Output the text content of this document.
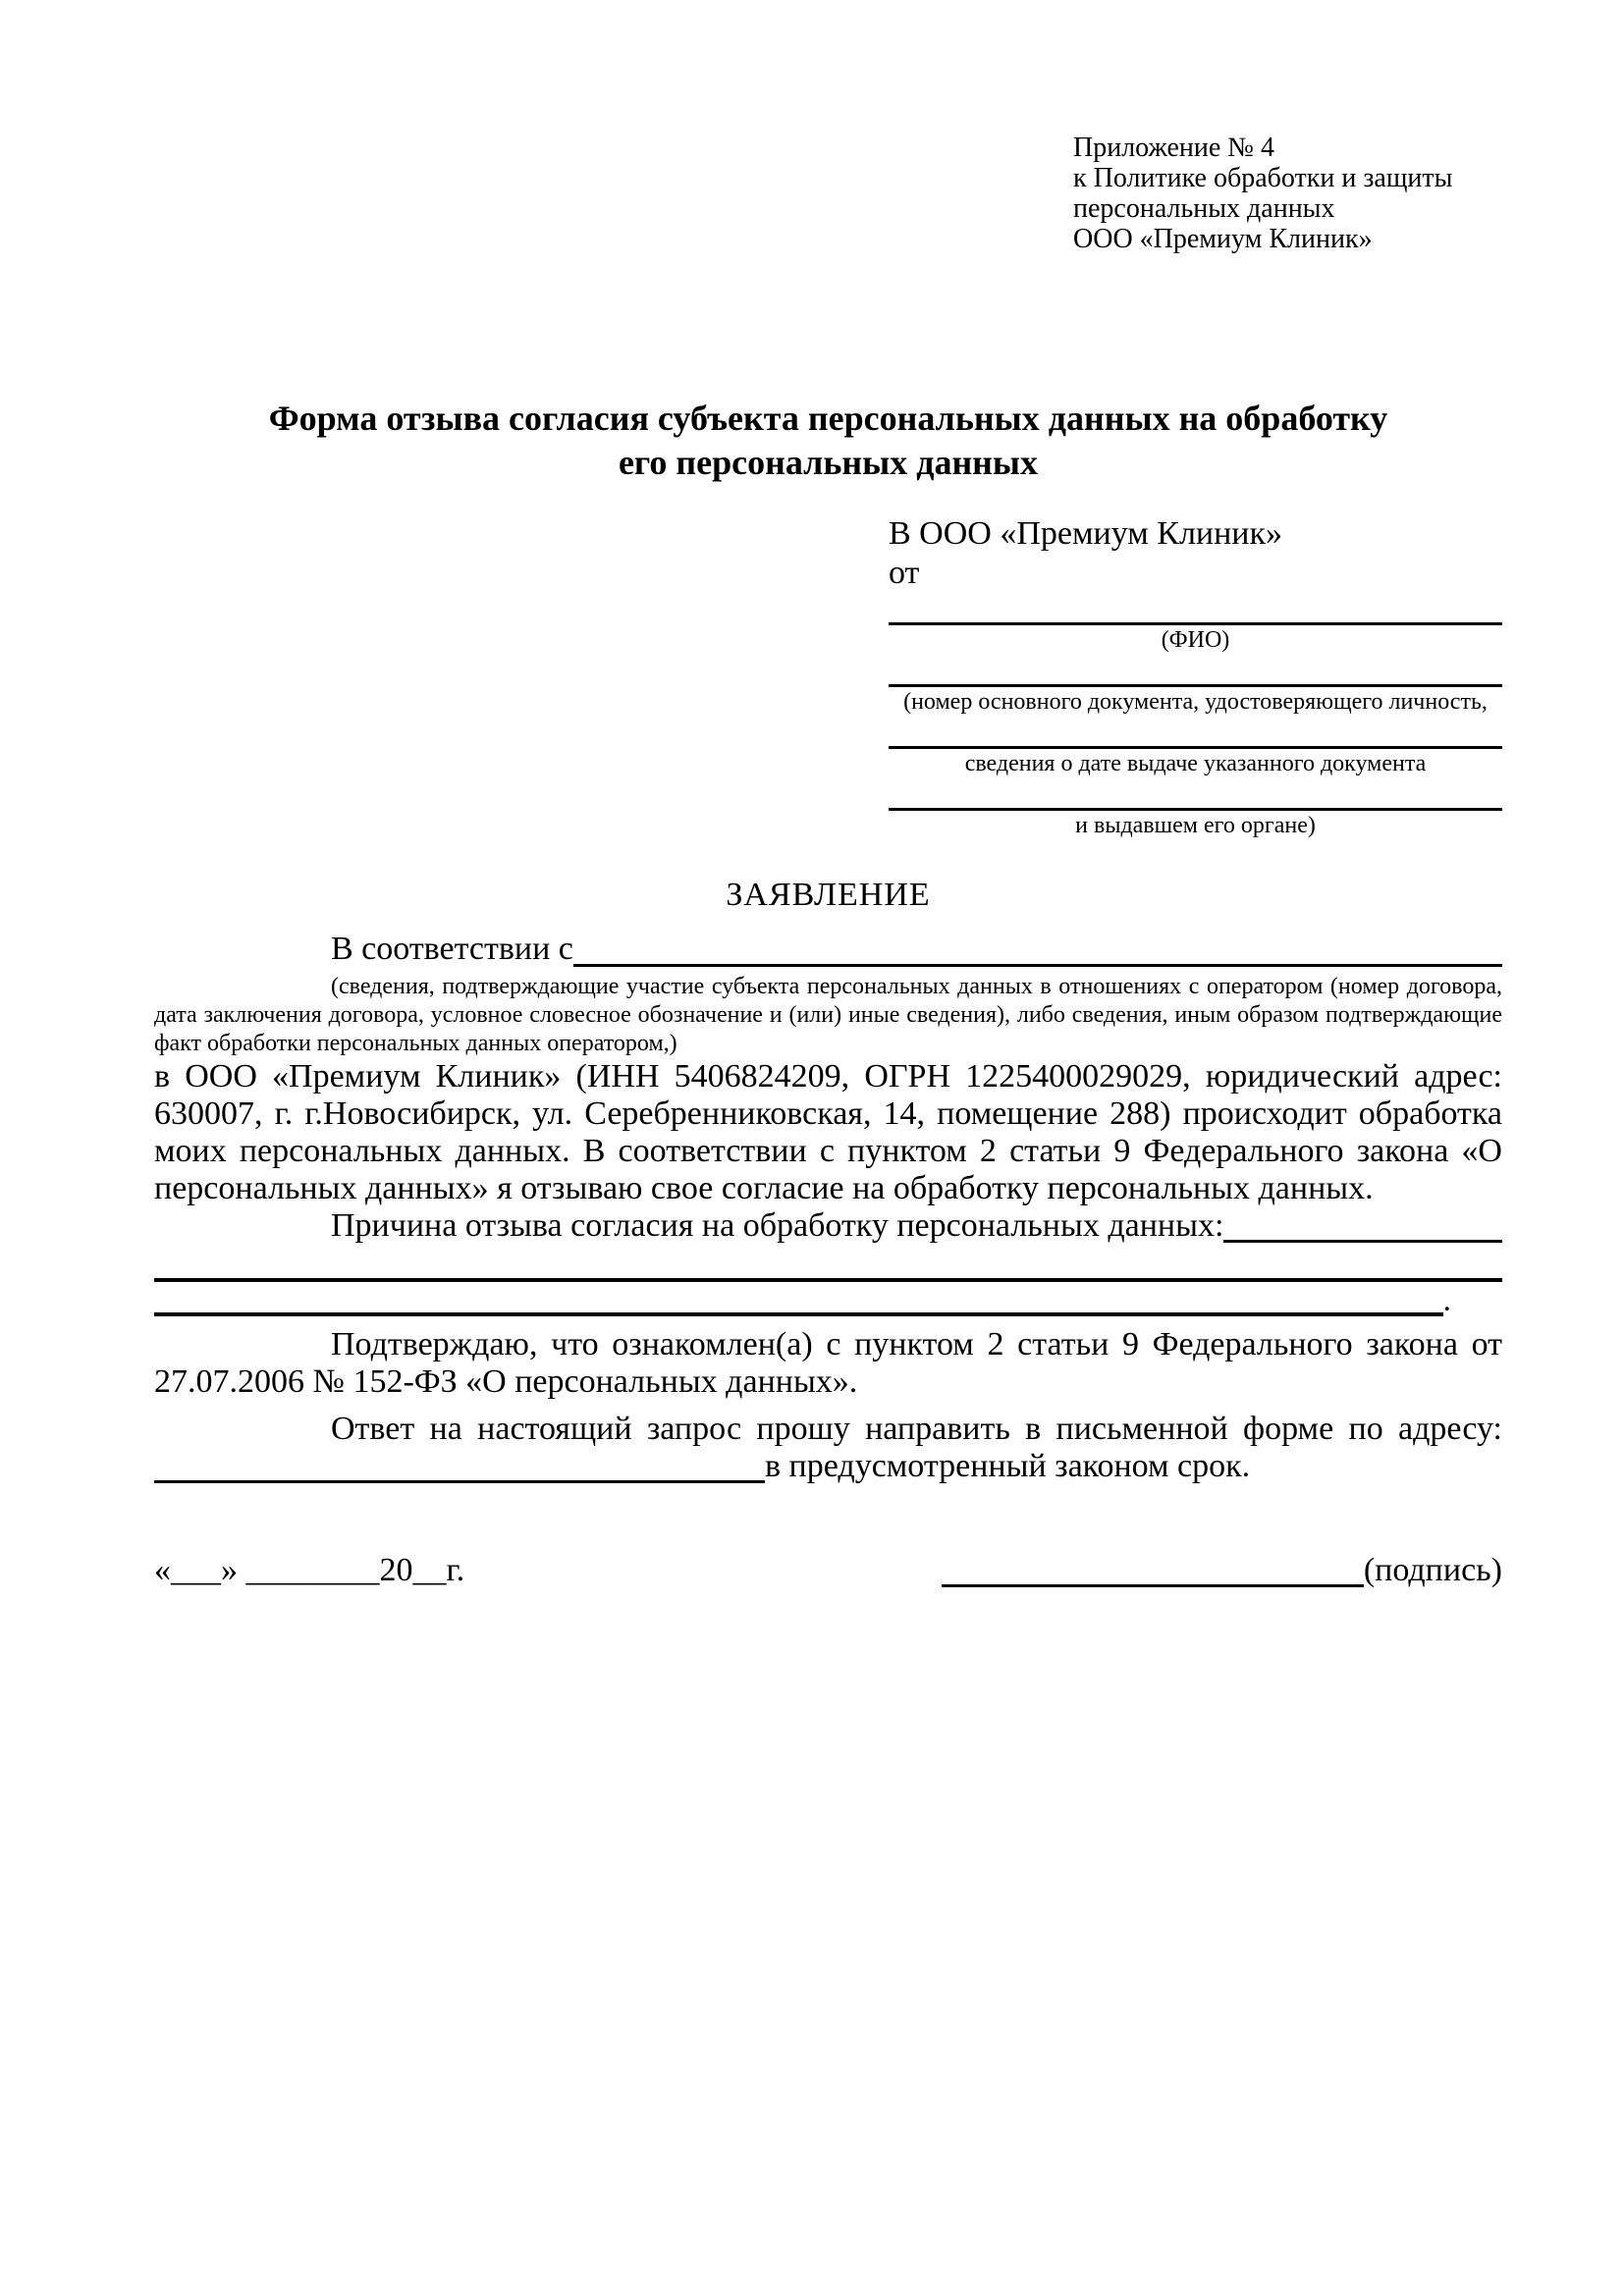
Приложение № 4
к Политике обработки и защиты
персональных данных
ООО «Премиум Клиник»
Форма отзыва согласия субъекта персональных данных на обработку
его персональных данных
В ООО «Премиум Клиник»
от
(ФИО)
(номер основного документа, удостоверяющего личность,
сведения о дате выдаче указанного документа
и выдавшем его органе)
ЗАЯВЛЕНИЕ
В соответствии с
(сведения, подтверждающие участие субъекта персональных данных в отношениях с оператором (номер договора, дата заключения договора, условное словесное обозначение и (или) иные сведения), либо сведения, иным образом подтверждающие факт обработки персональных данных оператором,)
в ООО «Премиум Клиник» (ИНН 5406824209, ОГРН 1225400029029, юридический адрес: 630007, г. г.Новосибирск, ул. Серебренниковская, 14, помещение 288) происходит обработка моих персональных данных. В соответствии с пунктом 2 статьи 9 Федерального закона «О персональных данных» я отзываю свое согласие на обработку персональных данных.
Причина отзыва согласия на обработку персональных данных:
.
Подтверждаю, что ознакомлен(а) с пунктом 2 статьи 9 Федерального закона от 27.07.2006 № 152-ФЗ «О персональных данных».
Ответ на настоящий запрос прошу направить в письменной форме по адресу:
в предусмотренный законом срок.
«___» ________20__г.	(подпись)
